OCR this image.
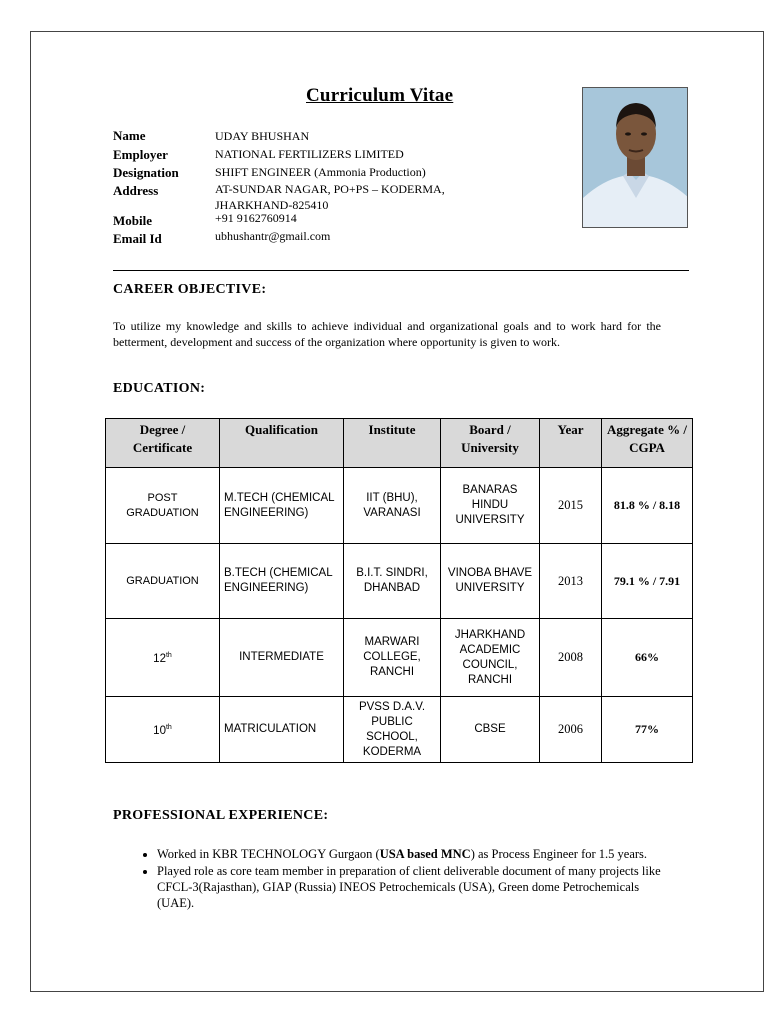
Curriculum Vitae
Name	UDAY BHUSHAN
Employer	NATIONAL FERTILIZERS LIMITED
Designation	SHIFT ENGINEER (Ammonia Production)
Address	AT-SUNDAR NAGAR, PO+PS – KODERMA,
JHARKHAND-825410
Mobile	+91 9162760914
Email Id	ubhushantr@gmail.com
CAREER OBJECTIVE:
To utilize my knowledge and skills to achieve individual and organizational goals and to work hard for the betterment, development and success of the organization where opportunity is given to work.
EDUCATION:
Degree / Certificate	Qualification	Institute	Board / University	Year	Aggregate % / CGPA
POST GRADUATION	M.TECH (CHEMICAL ENGINEERING)	IIT (BHU), VARANASI	BANARAS HINDU UNIVERSITY	2015	81.8 % / 8.18
GRADUATION	B.TECH (CHEMICAL ENGINEERING)	B.I.T. SINDRI, DHANBAD	VINOBA BHAVE UNIVERSITY	2013	79.1 % / 7.91
12th	INTERMEDIATE	MARWARI COLLEGE, RANCHI	JHARKHAND ACADEMIC COUNCIL, RANCHI	2008	66%
10th	MATRICULATION	PVSS D.A.V. PUBLIC SCHOOL, KODERMA	CBSE	2006	77%
PROFESSIONAL EXPERIENCE:
• Worked in KBR TECHNOLOGY Gurgaon (USA based MNC) as Process Engineer for 1.5 years.
• Played role as core team member in preparation of client deliverable document of many projects like CFCL-3(Rajasthan), GIAP (Russia) INEOS Petrochemicals (USA), Green dome Petrochemicals (UAE).
